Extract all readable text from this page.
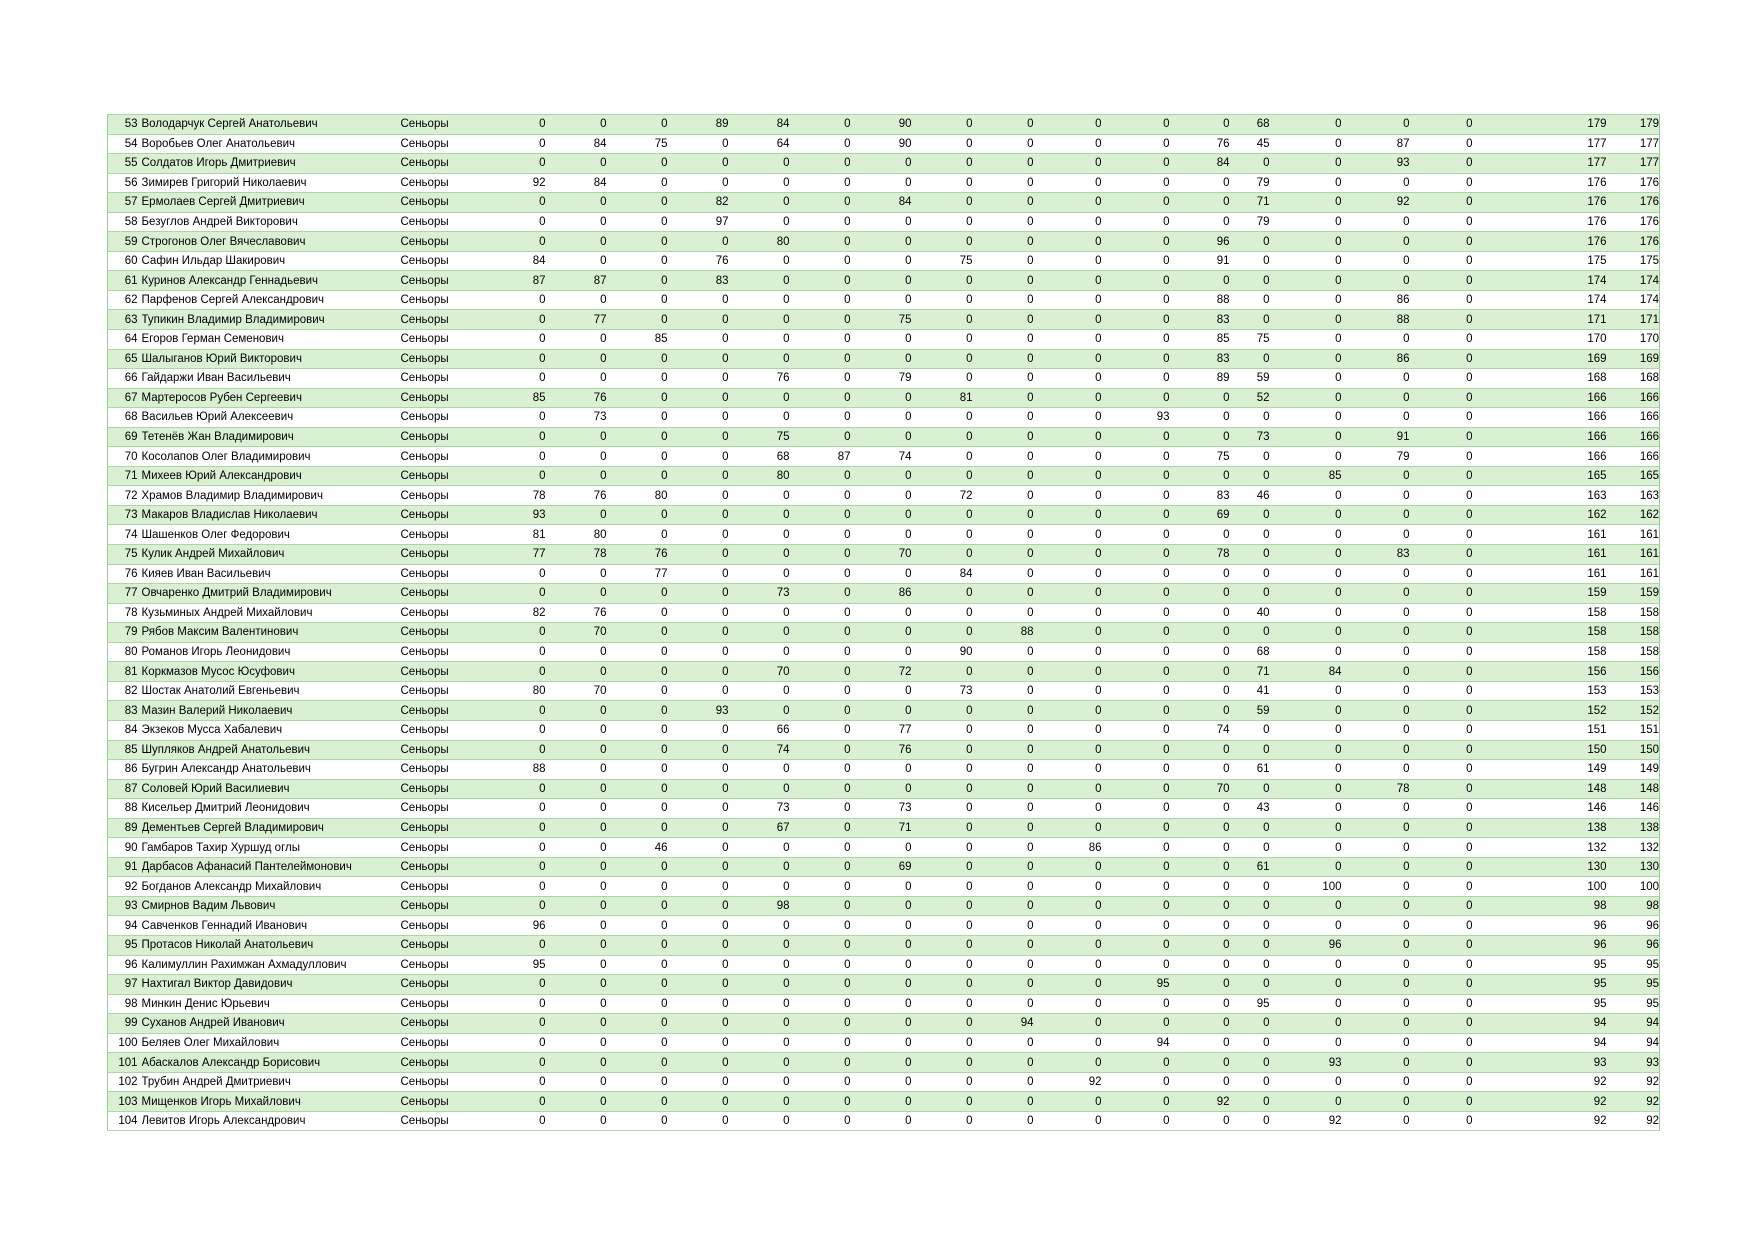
53	Володарчук Сергей Анатольевич	Сеньоры	0	0	0	89	84	0	90	0	0	0	0	0	68	0	0	0	179	179
54	Воробьев Олег Анатольевич	Сеньоры	0	84	75	0	64	0	90	0	0	0	0	76	45	0	87	0	177	177
55	Солдатов Игорь Дмитриевич	Сеньоры	0	0	0	0	0	0	0	0	0	0	0	84	0	0	93	0	177	177
56	Зимирев Григорий Николаевич	Сеньоры	92	84	0	0	0	0	0	0	0	0	0	0	79	0	0	0	176	176
57	Ермолаев Сергей Дмитриевич	Сеньоры	0	0	0	82	0	0	84	0	0	0	0	0	71	0	92	0	176	176
58	Безуглов Андрей Викторович	Сеньоры	0	0	0	97	0	0	0	0	0	0	0	0	79	0	0	0	176	176
59	Строгонов Олег Вячеславович	Сеньоры	0	0	0	0	80	0	0	0	0	0	0	96	0	0	0	0	176	176
60	Сафин Ильдар Шакирович	Сеньоры	84	0	0	76	0	0	0	75	0	0	0	91	0	0	0	0	175	175
61	Куринов Александр Геннадьевич	Сеньоры	87	87	0	83	0	0	0	0	0	0	0	0	0	0	0	0	174	174
62	Парфенов Сергей Александрович	Сеньоры	0	0	0	0	0	0	0	0	0	0	0	88	0	0	86	0	174	174
63	Тупикин Владимир Владимирович	Сеньоры	0	77	0	0	0	0	75	0	0	0	0	83	0	0	88	0	171	171
64	Егоров Герман Семенович	Сеньоры	0	0	85	0	0	0	0	0	0	0	0	85	75	0	0	0	170	170
65	Шалыганов Юрий Викторович	Сеньоры	0	0	0	0	0	0	0	0	0	0	0	83	0	0	86	0	169	169
66	Гайдаржи Иван Васильевич	Сеньоры	0	0	0	0	76	0	79	0	0	0	0	89	59	0	0	0	168	168
67	Мартеросов Рубен Сергеевич	Сеньоры	85	76	0	0	0	0	0	81	0	0	0	0	52	0	0	0	166	166
68	Васильев Юрий Алексеевич	Сеньоры	0	73	0	0	0	0	0	0	0	0	93	0	0	0	0	0	166	166
69	Тетенёв Жан Владимирович	Сеньоры	0	0	0	0	75	0	0	0	0	0	0	0	73	0	91	0	166	166
70	Косолапов Олег Владимирович	Сеньоры	0	0	0	0	68	87	74	0	0	0	0	75	0	0	79	0	166	166
71	Михеев Юрий Александрович	Сеньоры	0	0	0	0	80	0	0	0	0	0	0	0	0	85	0	0	165	165
72	Храмов Владимир Владимирович	Сеньоры	78	76	80	0	0	0	0	72	0	0	0	83	46	0	0	0	163	163
73	Макаров Владислав Николаевич	Сеньоры	93	0	0	0	0	0	0	0	0	0	0	69	0	0	0	0	162	162
74	Шашенков Олег Федорович	Сеньоры	81	80	0	0	0	0	0	0	0	0	0	0	0	0	0	0	161	161
75	Кулик Андрей Михайлович	Сеньоры	77	78	76	0	0	0	70	0	0	0	0	78	0	0	83	0	161	161
76	Кияев Иван Васильевич	Сеньоры	0	0	77	0	0	0	0	84	0	0	0	0	0	0	0	0	161	161
77	Овчаренко Дмитрий Владимирович	Сеньоры	0	0	0	0	73	0	86	0	0	0	0	0	0	0	0	0	159	159
78	Кузьминых Андрей Михайлович	Сеньоры	82	76	0	0	0	0	0	0	0	0	0	0	40	0	0	0	158	158
79	Рябов Максим Валентинович	Сеньоры	0	70	0	0	0	0	0	0	88	0	0	0	0	0	0	0	158	158
80	Романов Игорь Леонидович	Сеньоры	0	0	0	0	0	0	0	90	0	0	0	0	68	0	0	0	158	158
81	Коркмазов Мусос Юсуфович	Сеньоры	0	0	0	0	70	0	72	0	0	0	0	0	71	84	0	0	156	156
82	Шостак Анатолий Евгеньевич	Сеньоры	80	70	0	0	0	0	0	73	0	0	0	0	41	0	0	0	153	153
83	Мазин Валерий Николаевич	Сеньоры	0	0	0	93	0	0	0	0	0	0	0	0	59	0	0	0	152	152
84	Экзеков Мусса Хабалевич	Сеньоры	0	0	0	0	66	0	77	0	0	0	0	74	0	0	0	0	151	151
85	Шупляков Андрей Анатольевич	Сеньоры	0	0	0	0	74	0	76	0	0	0	0	0	0	0	0	0	150	150
86	Бугрин Александр Анатольевич	Сеньоры	88	0	0	0	0	0	0	0	0	0	0	0	61	0	0	0	149	149
87	Соловей Юрий Василиевич	Сеньоры	0	0	0	0	0	0	0	0	0	0	0	70	0	0	78	0	148	148
88	Кисельер Дмитрий Леонидович	Сеньоры	0	0	0	0	73	0	73	0	0	0	0	0	43	0	0	0	146	146
89	Дементьев Сергей Владимирович	Сеньоры	0	0	0	0	67	0	71	0	0	0	0	0	0	0	0	0	138	138
90	Гамбаров Тахир Хуршуд оглы	Сеньоры	0	0	46	0	0	0	0	0	0	86	0	0	0	0	0	0	132	132
91	Дарбасов Афанасий Пантелеймонович	Сеньоры	0	0	0	0	0	0	69	0	0	0	0	0	61	0	0	0	130	130
92	Богданов Александр Михайлович	Сеньоры	0	0	0	0	0	0	0	0	0	0	0	0	0	100	0	0	100	100
93	Смирнов Вадим Львович	Сеньоры	0	0	0	0	98	0	0	0	0	0	0	0	0	0	0	0	98	98
94	Савченков Геннадий Иванович	Сеньоры	96	0	0	0	0	0	0	0	0	0	0	0	0	0	0	0	96	96
95	Протасов Николай Анатольевич	Сеньоры	0	0	0	0	0	0	0	0	0	0	0	0	0	96	0	0	96	96
96	Калимуллин Рахимжан Ахмадуллович	Сеньоры	95	0	0	0	0	0	0	0	0	0	0	0	0	0	0	0	95	95
97	Нахтигал Виктор Давидович	Сеньоры	0	0	0	0	0	0	0	0	0	0	95	0	0	0	0	0	95	95
98	Минкин Денис Юрьевич	Сеньоры	0	0	0	0	0	0	0	0	0	0	0	0	95	0	0	0	95	95
99	Суханов Андрей Иванович	Сеньоры	0	0	0	0	0	0	0	0	94	0	0	0	0	0	0	0	94	94
100	Беляев Олег Михайлович	Сеньоры	0	0	0	0	0	0	0	0	0	0	94	0	0	0	0	0	94	94
101	Абаскалов Александр Борисович	Сеньоры	0	0	0	0	0	0	0	0	0	0	0	0	0	93	0	0	93	93
102	Трубин Андрей Дмитриевич	Сеньоры	0	0	0	0	0	0	0	0	0	92	0	0	0	0	0	0	92	92
103	Мищенков Игорь Михайлович	Сеньоры	0	0	0	0	0	0	0	0	0	0	0	92	0	0	0	0	92	92
104	Левитов Игорь Александрович	Сеньоры	0	0	0	0	0	0	0	0	0	0	0	0	0	92	0	0	92	92
